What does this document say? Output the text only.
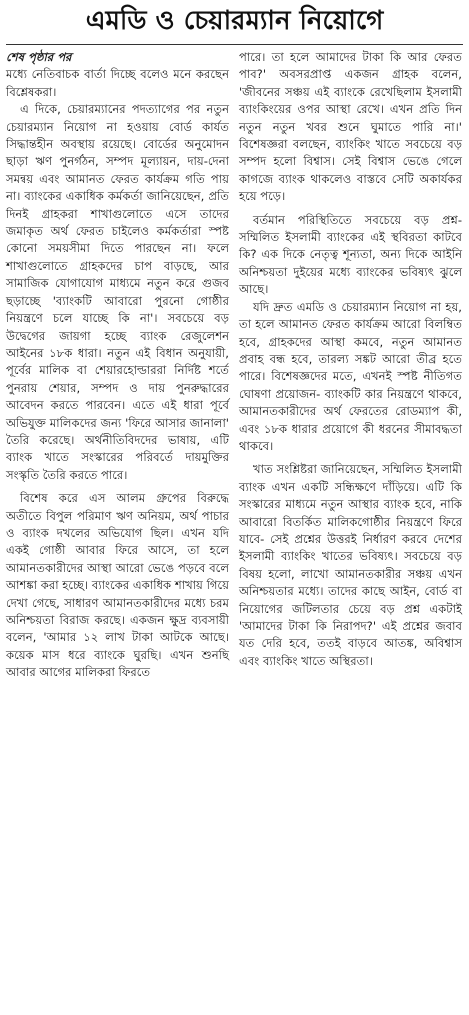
এমডি ও চেয়ারম্যান নিয়োগে
শেষ পৃষ্ঠার পর

মধ্যে নেতিবাচক বার্তা দিচ্ছে বলেও মনে করছেন বিশ্লেষকরা।

এ দিকে, চেয়ারম্যানের পদত্যাগের পর নতুন চেয়ারম্যান নিয়োগ না হওয়ায় বোর্ড কার্যত সিদ্ধান্তহীন অবস্থায় রয়েছে। বোর্ডের অনুমোদন ছাড়া ঋণ পুনর্গঠন, সম্পদ মূল্যায়ন, দায়-দেনা সমন্বয় এবং আমানত ফেরত কার্যক্রম গতি পায় না। ব্যাংকের একাধিক কর্মকর্তা জানিয়েছেন, প্রতি দিনই গ্রাহকরা শাখাগুলোতে এসে তাদের জমাকৃত অর্থ ফেরত চাইলেও কর্মকর্তারা স্পষ্ট কোনো সময়সীমা দিতে পারছেন না। ফলে শাখাগুলোতে গ্রাহকদের চাপ বাড়ছে, আর সামাজিক যোগাযোগ মাধ্যমে নতুন করে গুজব ছড়াচ্ছে 'ব্যাংকটি আবারো পুরনো গোষ্ঠীর নিয়ন্ত্রণে চলে যাচ্ছে কি না'। সবচেয়ে বড় উদ্বেগের জায়গা হচ্ছে ব্যাংক রেজুলেশন আইনের ১৮ক ধারা। নতুন এই বিধান অনুযায়ী, পূর্বের মালিক বা শেয়ারহোল্ডাররা নির্দিষ্ট শর্তে পুনরায় শেয়ার, সম্পদ ও দায় পুনরুদ্ধারের আবেদন করতে পারবেন। এতে এই ধারা পূর্বে অভিযুক্ত মালিকদের জন্য 'ফিরে আসার জানালা' তৈরি করেছে। অর্থনীতিবিদদের ভাষায়, এটি ব্যাংক খাতে সংস্কারের পরিবর্তে দায়মুক্তির সংস্কৃতি তৈরি করতে পারে।

বিশেষ করে এস আলম গ্রুপের বিরুদ্ধে অতীতে বিপুল পরিমাণ ঋণ অনিয়ম, অর্থ পাচার ও ব্যাংক দখলের অভিযোগ ছিল। এখন যদি একই গোষ্ঠী আবার ফিরে আসে, তা হলে আমানতকারীদের আস্থা আরো ভেঙে পড়বে বলে আশঙ্কা করা হচ্ছে। ব্যাংকের একাধিক শাখায় গিয়ে দেখা গেছে, সাধারণ আমানতকারীদের মধ্যে চরম অনিশ্চয়তা বিরাজ করছে। একজন ক্ষুদ্র ব্যবসায়ী বলেন, 'আমার ১২ লাখ টাকা আটকে আছে। কয়েক মাস ধরে ব্যাংকে ঘুরছি। এখন শুনছি আবার আগের মালিকরা ফিরতে

পারে। তা হলে আমাদের টাকা কি আর ফেরত পাব?' অবসরপ্রাপ্ত একজন গ্রাহক বলেন, 'জীবনের সঞ্চয় এই ব্যাংকে রেখেছিলাম ইসলামী ব্যাংকিংয়ের ওপর আস্থা রেখে। এখন প্রতি দিন নতুন নতুন খবর শুনে ঘুমাতে পারি না।' বিশেষজ্ঞরা বলছেন, ব্যাংকিং খাতে সবচেয়ে বড় সম্পদ হলো বিশ্বাস। সেই বিশ্বাস ভেঙে গেলে কাগজে ব্যাংক থাকলেও বাস্তবে সেটি অকার্যকর হয়ে পড়ে।

বর্তমান পরিস্থিতিতে সবচেয়ে বড় প্রশ্ন- সম্মিলিত ইসলামী ব্যাংকের এই স্থবিরতা কাটবে কি? এক দিকে নেতৃত্ব শূন্যতা, অন্য দিকে আইনি অনিশ্চয়তা দুইয়ের মধ্যে ব্যাংকের ভবিষ্যৎ ঝুলে আছে।

যদি দ্রুত এমডি ও চেয়ারম্যান নিয়োগ না হয়, তা হলে আমানত ফেরত কার্যক্রম আরো বিলম্বিত হবে, গ্রাহকদের আস্থা কমবে, নতুন আমানত প্রবাহ বন্ধ হবে, তারল্য সঙ্কট আরো তীব্র হতে পারে। বিশেষজ্ঞদের মতে, এখনই স্পষ্ট নীতিগত ঘোষণা প্রয়োজন- ব্যাংকটি কার নিয়ন্ত্রণে থাকবে, আমানতকারীদের অর্থ ফেরতের রোডম্যাপ কী, এবং ১৮ক ধারার প্রয়োগে কী ধরনের সীমাবদ্ধতা থাকবে।

খাত সংশ্লিষ্টরা জানিয়েছেন, সম্মিলিত ইসলামী ব্যাংক এখন একটি সন্ধিক্ষণে দাঁড়িয়ে। এটি কি সংস্কারের মাধ্যমে নতুন আস্থার ব্যাংক হবে, নাকি আবারো বিতর্কিত মালিকগোষ্ঠীর নিয়ন্ত্রণে ফিরে যাবে- সেই প্রশ্নের উত্তরই নির্ধারণ করবে দেশের ইসলামী ব্যাংকিং খাতের ভবিষ্যৎ। সবচেয়ে বড় বিষয় হলো, লাখো আমানতকারীর সঞ্চয় এখন অনিশ্চয়তার মধ্যে। তাদের কাছে আইন, বোর্ড বা নিয়োগের জটিলতার চেয়ে বড় প্রশ্ন একটাই 'আমাদের টাকা কি নিরাপদ?' এই প্রশ্নের জবাব যত দেরি হবে, ততই বাড়বে আতঙ্ক, অবিশ্বাস এবং ব্যাংকিং খাতে অস্থিরতা।
